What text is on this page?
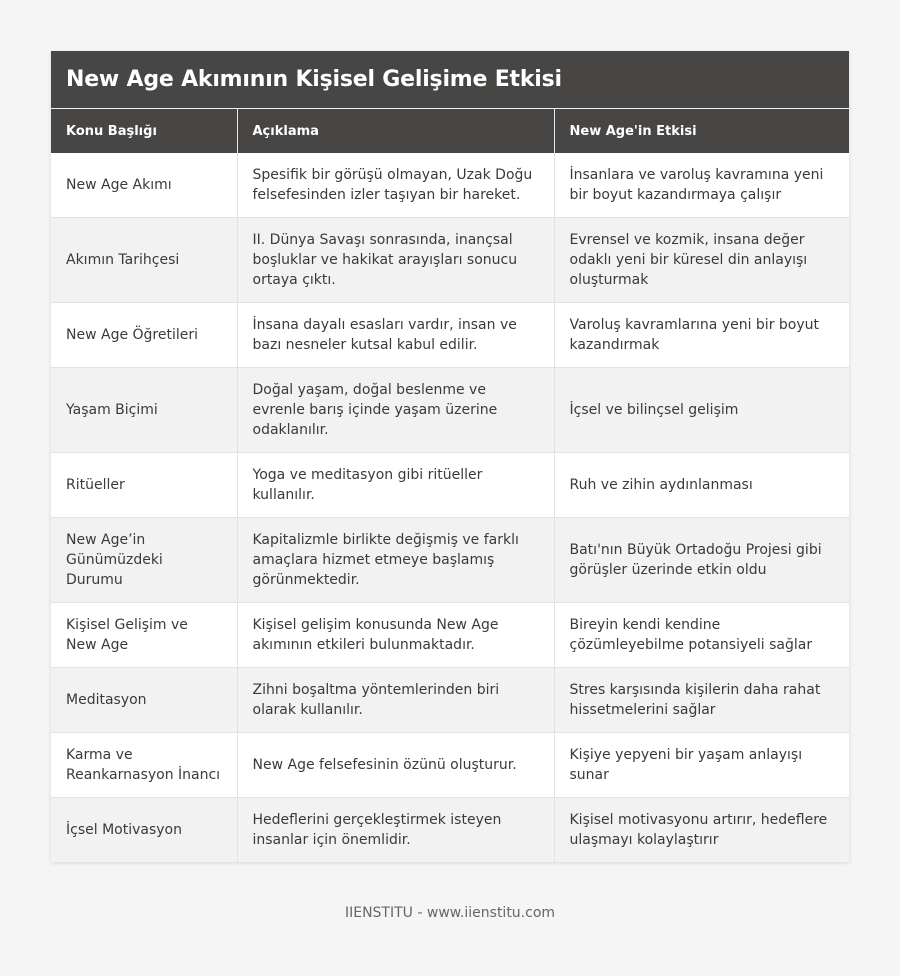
New Age Akımının Kişisel Gelişime Etkisi
Konu Başlığı	Açıklama	New Age'in Etkisi
New Age Akımı	Spesifik bir görüşü olmayan, Uzak Doğu felsefesinden izler taşıyan bir hareket.	İnsanlara ve varoluş kavramına yeni bir boyut kazandırmaya çalışır
Akımın Tarihçesi	II. Dünya Savaşı sonrasında, inançsal boşluklar ve hakikat arayışları sonucu ortaya çıktı.	Evrensel ve kozmik, insana değer odaklı yeni bir küresel din anlayışı oluşturmak
New Age Öğretileri	İnsana dayalı esasları vardır, insan ve bazı nesneler kutsal kabul edilir.	Varoluş kavramlarına yeni bir boyut kazandırmak
Yaşam Biçimi	Doğal yaşam, doğal beslenme ve evrenle barış içinde yaşam üzerine odaklanılır.	İçsel ve bilinçsel gelişim
Ritüeller	Yoga ve meditasyon gibi ritüeller kullanılır.	Ruh ve zihin aydınlanması
New Age’in Günümüzdeki Durumu	Kapitalizmle birlikte değişmiş ve farklı amaçlara hizmet etmeye başlamış görünmektedir.	Batı'nın Büyük Ortadoğu Projesi gibi görüşler üzerinde etkin oldu
Kişisel Gelişim ve New Age	Kişisel gelişim konusunda New Age akımının etkileri bulunmaktadır.	Bireyin kendi kendine çözümleyebilme potansiyeli sağlar
Meditasyon	Zihni boşaltma yöntemlerinden biri olarak kullanılır.	Stres karşısında kişilerin daha rahat hissetmelerini sağlar
Karma ve Reankarnasyon İnancı	New Age felsefesinin özünü oluşturur.	Kişiye yepyeni bir yaşam anlayışı sunar
İçsel Motivasyon	Hedeflerini gerçekleştirmek isteyen insanlar için önemlidir.	Kişisel motivasyonu artırır, hedeflere ulaşmayı kolaylaştırır
IIENSTITU - www.iienstitu.com
